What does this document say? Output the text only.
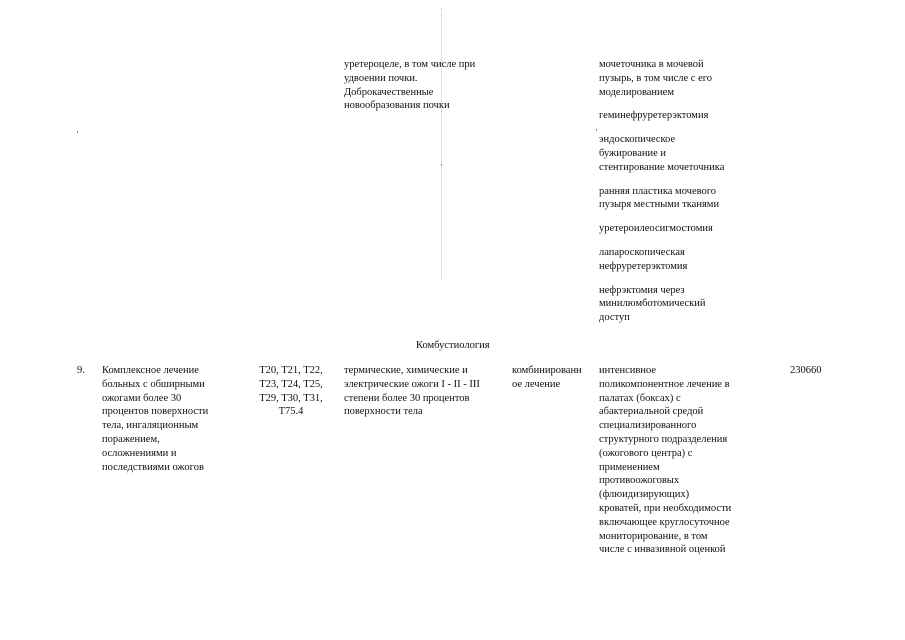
уретероцеле, в том числе при
удвоении почки.
Доброкачественные
новообразования почки
мочеточника в мочевой
пузырь, в том числе с его
моделированием
геминефруретерэктомия
эндоскопическое
бужирование и
стентирование мочеточника
ранняя пластика мочевого
пузыря местными тканями
уретероилеосигмостомия
лапароскопическая
нефруретерэктомия
нефрэктомия через
минилюмботомический
доступ
Комбустиология
9. Комплексное лечение
больных с обширными
ожогами более 30
процентов поверхности
тела, ингаляционным
поражением,
осложнениями и
последствиями ожогов
T20, T21, T22,
T23, T24, T25,
T29, T30, T31,
T75.4
термические, химические и
электрические ожоги I - II - III
степени более 30 процентов
поверхности тела
комбинированн
ое лечение
интенсивное
поликомпонентное лечение в
палатах (боксах) с
абактериальной средой
специализированного
структурного подразделения
(ожогового центра) с
применением
противоожоговых
(флюидизирующих)
кроватей, при необходимости
включающее круглосуточное
мониторирование, в том
числе с инвазивной оценкой
230660
